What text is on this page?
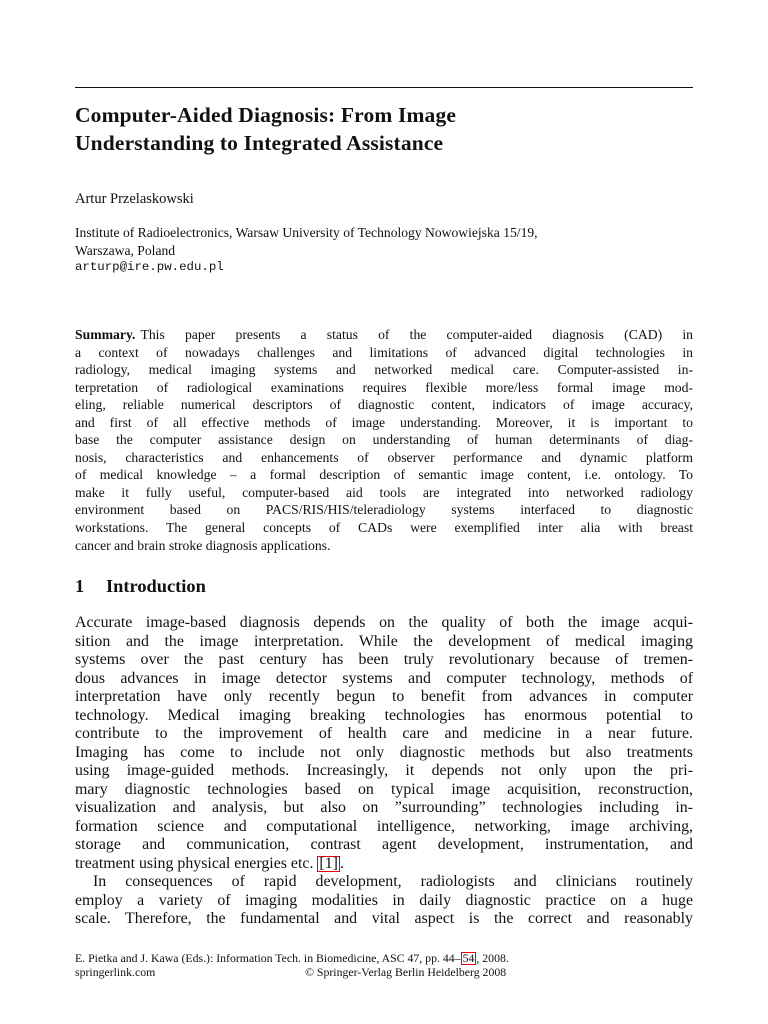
Computer-Aided Diagnosis: From Image
Understanding to Integrated Assistance
Artur Przelaskowski
Institute of Radioelectronics, Warsaw University of Technology Nowowiejska 15/19,
Warszawa, Poland
arturp@ire.pw.edu.pl
Summary. This paper presents a status of the computer-aided diagnosis (CAD) in
a context of nowadays challenges and limitations of advanced digital technologies in
radiology, medical imaging systems and networked medical care. Computer-assisted in-
terpretation of radiological examinations requires flexible more/less formal image mod-
eling, reliable numerical descriptors of diagnostic content, indicators of image accuracy,
and first of all effective methods of image understanding. Moreover, it is important to
base the computer assistance design on understanding of human determinants of diag-
nosis, characteristics and enhancements of observer performance and dynamic platform
of medical knowledge – a formal description of semantic image content, i.e. ontology. To
make it fully useful, computer-based aid tools are integrated into networked radiology
environment based on PACS/RIS/HIS/teleradiology systems interfaced to diagnostic
workstations. The general concepts of CADs were exemplified inter alia with breast
cancer and brain stroke diagnosis applications.
1 Introduction
Accurate image-based diagnosis depends on the quality of both the image acqui-
sition and the image interpretation. While the development of medical imaging
systems over the past century has been truly revolutionary because of tremen-
dous advances in image detector systems and computer technology, methods of
interpretation have only recently begun to benefit from advances in computer
technology. Medical imaging breaking technologies has enormous potential to
contribute to the improvement of health care and medicine in a near future.
Imaging has come to include not only diagnostic methods but also treatments
using image-guided methods. Increasingly, it depends not only upon the pri-
mary diagnostic technologies based on typical image acquisition, reconstruction,
visualization and analysis, but also on ”surrounding” technologies including in-
formation science and computational intelligence, networking, image archiving,
storage and communication, contrast agent development, instrumentation, and
treatment using physical energies etc. [1] .
In consequences of rapid development, radiologists and clinicians routinely
employ a variety of imaging modalities in daily diagnostic practice on a huge
scale. Therefore, the fundamental and vital aspect is the correct and reasonably
E. Pietka and J. Kawa (Eds.): Information Tech. in Biomedicine, ASC 47, pp. 44– 54 , 2008.
springerlink.com	© Springer-Verlag Berlin Heidelberg 2008
